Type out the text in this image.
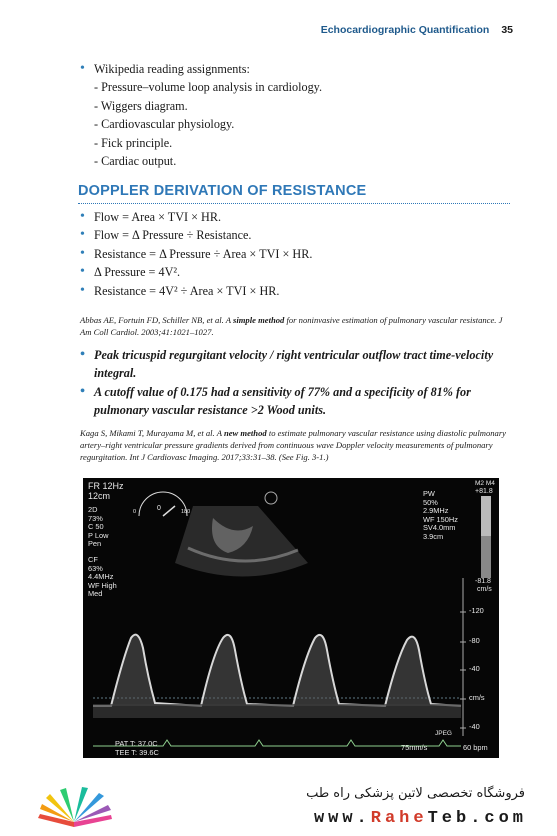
Echocardiographic Quantification 35
• Wikipedia reading assignments:
- Pressure–volume loop analysis in cardiology.
- Wiggers diagram.
- Cardiovascular physiology.
- Fick principle.
- Cardiac output.
DOPPLER DERIVATION OF RESISTANCE
• Flow = Area × TVI × HR.
• Flow = Δ Pressure ÷ Resistance.
• Resistance = Δ Pressure ÷ Area × TVI × HR.
• Δ Pressure = 4V².
• Resistance = 4V² ÷ Area × TVI × HR.
Abbas AE, Fortuin FD, Schiller NB, et al. A simple method for noninvasive estimation of pulmonary vascular resistance. J Am Coll Cardiol. 2003;41:1021–1027.
• Peak tricuspid regurgitant velocity / right ventricular outflow tract time-velocity integral.
• A cutoff value of 0.175 had a sensitivity of 77% and a specificity of 81% for pulmonary vascular resistance >2 Wood units.
Kaga S, Mikami T, Murayama M, et al. A new method to estimate pulmonary vascular resistance using diastolic pulmonary artery–right ventricular pressure gradients derived from continuous wave Doppler velocity measurements of pulmonary regurgitation. Int J Cardiovasc Imaging. 2017;33:31–38. (See Fig. 3-1.)
FR 12Hz
12cm
2D
73%
C 50
P Low
Pen
CF
63%
4.4MHz
WF High
Med
PW
50%
2.9MHz
WF 150Hz
SV4.0mm
3.9cm
M2 M4
+81.8
-81.8
cm/s
0	0	180
-120
-80
-40
cm/s
-40
PAT T: 37.0C
TEE T: 39.6C
75mm/s
JPEG
60 bpm
فروشگاه تخصصی لاتین پزشکی راه طب
www.RaheTeb.com
